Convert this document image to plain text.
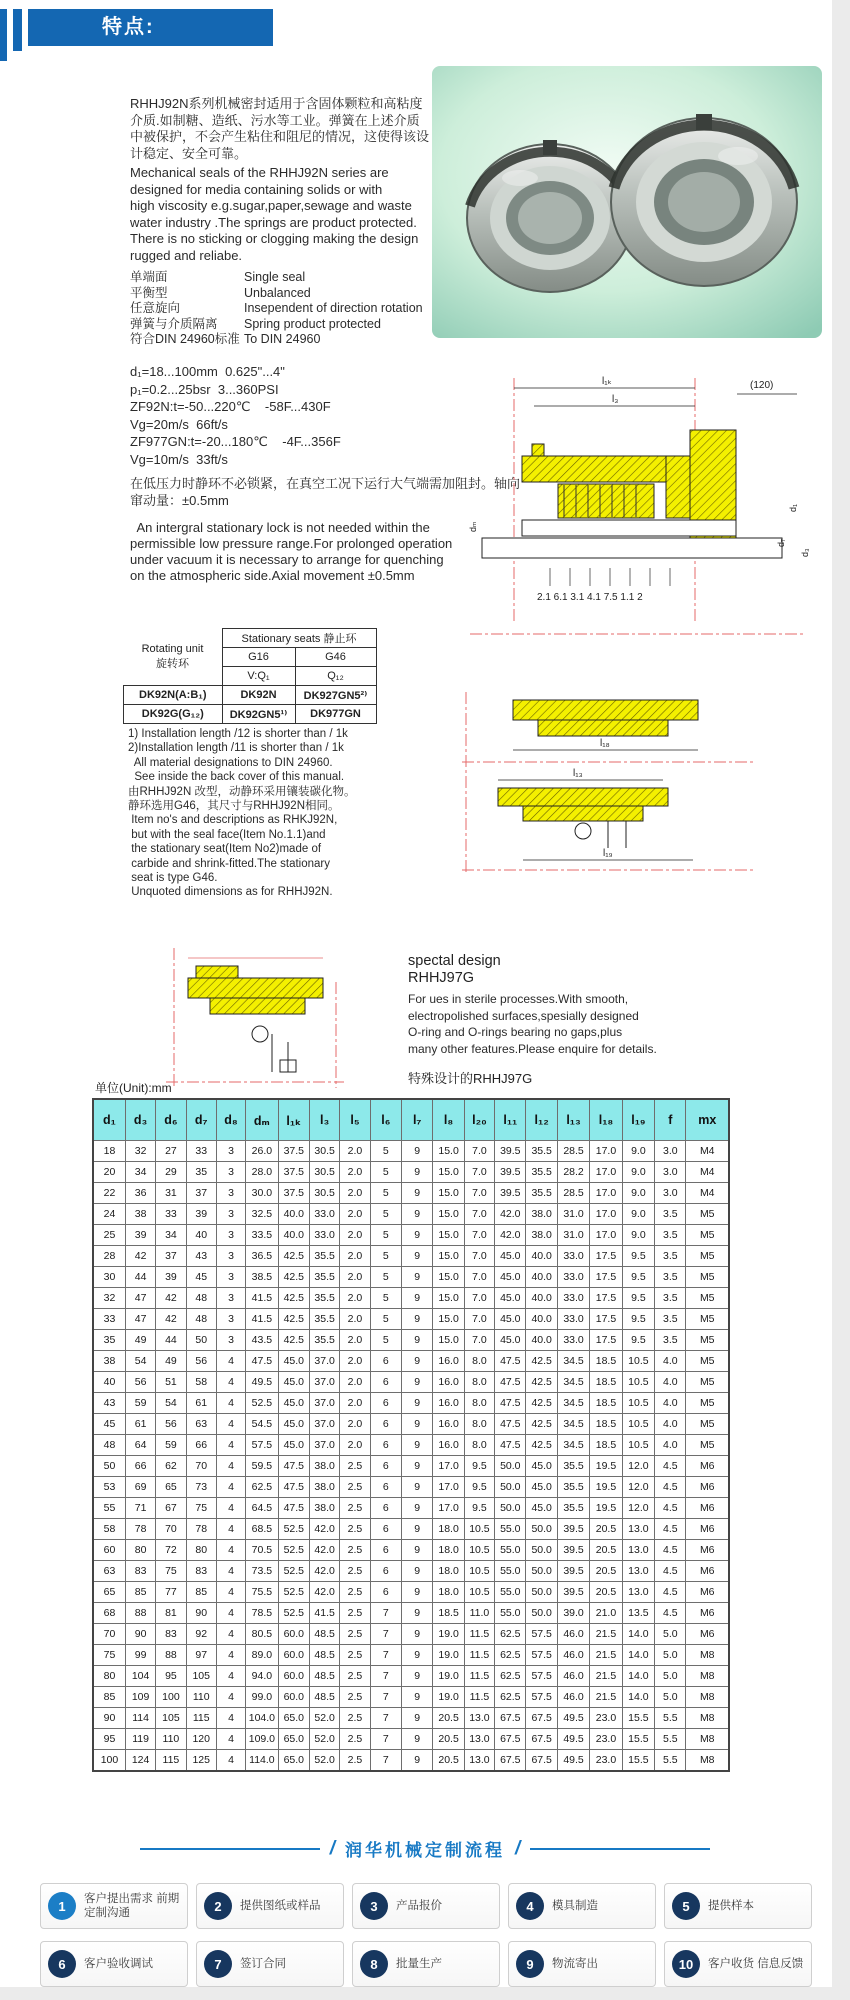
特点:
RHHJ92N系列机械密封适用于含固体颗粒和高粘度
介质.如制糖、造纸、污水等工业。弹簧在上述介质
中被保护，不会产生粘住和阻尼的情况，这使得该设
计稳定、安全可靠。
Mechanical seals of the RHHJ92N series are
designed for media containing solids or with
high viscosity e.g.sugar,paper,sewage and waste
water industry .The springs are product protected.
There is no sticking or clogging making the design
rugged and reliabe.
单端面	Single seal
平衡型	Unbalanced
任意旋向	Insependent of direction rotation
弹簧与介质隔离 Spring product protected
符合DIN 24960标准 To DIN 24960
d₁=18...100mm  0.625"...4"
p₁=0.2...25bsr  3...360PSI
ZF92N:t=-50...220℃    -58F...430F
Vg=20m/s  66ft/s
ZF977GN:t=-20...180℃    -4F...356F
Vg=10m/s  33ft/s
在低压力时静环不必锁紧，在真空工况下运行大气端需加阻封。轴向
窜动量：±0.5mm
An intergral stationary lock is not needed within the
permissible low pressure range.For prolonged operation
under vacuum it is necessary to arrange for quenching
on the atmospheric side.Axial movement ±0.5mm
l₁ₖ
l₃
(120)
2.1 6.1 3.1 4.1 7.5 1.1 2
d₇
d₁
d₃
dₘ
Rotating unit
旋转环	Stationary seats 静止环	
	G16	G46
	V:Q₁	Q₁₂
DK92N(A:B₁)	DK92N	DK927GN5²⁾
DK92G(G₁₂)	DK92GN5¹⁾	DK977GN
1) Installation length /12 is shorter than / 1k
2)Installation length /11 is shorter than / 1k
All material designations to DIN 24960.
See inside the back cover of this manual.
由RHHJ92N 改型，动静环采用镶装碳化物。
静环选用G46，其尺寸与RHHJ92N相同。
Item no's and descriptions as RHKJ92N,
but with the seal face(Item No.1.1)and
the stationary seat(Item No2)made of
carbide and shrink-fitted.The stationary
seat is type G46.
Unquoted dimensions as for RHHJ92N.
l₁₈
l₁₃
l₁₉
spectal design
RHHJ97G
For ues in sterile processes.With smooth,
electropolished surfaces,spesially designed
O-ring and O-rings bearing no gaps,plus
many other features.Please enquire for details.
特殊设计的RHHJ97G
单位(Unit):mm
d₁	d₃	d₆	d₇	d₈	dₘ	l₁ₖ	l₃	l₅	l₆	l₇	l₈	l₂₀	l₁₁	l₁₂	l₁₃	l₁₈	l₁₉	f	mx
18	32	27	33	3	26.0	37.5	30.5	2.0	5	9	15.0	7.0	39.5	35.5	28.5	17.0	9.0	3.0	M4
20	34	29	35	3	28.0	37.5	30.5	2.0	5	9	15.0	7.0	39.5	35.5	28.2	17.0	9.0	3.0	M4
22	36	31	37	3	30.0	37.5	30.5	2.0	5	9	15.0	7.0	39.5	35.5	28.5	17.0	9.0	3.0	M4
24	38	33	39	3	32.5	40.0	33.0	2.0	5	9	15.0	7.0	42.0	38.0	31.0	17.0	9.0	3.5	M5
25	39	34	40	3	33.5	40.0	33.0	2.0	5	9	15.0	7.0	42.0	38.0	31.0	17.0	9.0	3.5	M5
28	42	37	43	3	36.5	42.5	35.5	2.0	5	9	15.0	7.0	45.0	40.0	33.0	17.5	9.5	3.5	M5
30	44	39	45	3	38.5	42.5	35.5	2.0	5	9	15.0	7.0	45.0	40.0	33.0	17.5	9.5	3.5	M5
32	47	42	48	3	41.5	42.5	35.5	2.0	5	9	15.0	7.0	45.0	40.0	33.0	17.5	9.5	3.5	M5
33	47	42	48	3	41.5	42.5	35.5	2.0	5	9	15.0	7.0	45.0	40.0	33.0	17.5	9.5	3.5	M5
35	49	44	50	3	43.5	42.5	35.5	2.0	5	9	15.0	7.0	45.0	40.0	33.0	17.5	9.5	3.5	M5
38	54	49	56	4	47.5	45.0	37.0	2.0	6	9	16.0	8.0	47.5	42.5	34.5	18.5	10.5	4.0	M5
40	56	51	58	4	49.5	45.0	37.0	2.0	6	9	16.0	8.0	47.5	42.5	34.5	18.5	10.5	4.0	M5
43	59	54	61	4	52.5	45.0	37.0	2.0	6	9	16.0	8.0	47.5	42.5	34.5	18.5	10.5	4.0	M5
45	61	56	63	4	54.5	45.0	37.0	2.0	6	9	16.0	8.0	47.5	42.5	34.5	18.5	10.5	4.0	M5
48	64	59	66	4	57.5	45.0	37.0	2.0	6	9	16.0	8.0	47.5	42.5	34.5	18.5	10.5	4.0	M5
50	66	62	70	4	59.5	47.5	38.0	2.5	6	9	17.0	9.5	50.0	45.0	35.5	19.5	12.0	4.5	M6
53	69	65	73	4	62.5	47.5	38.0	2.5	6	9	17.0	9.5	50.0	45.0	35.5	19.5	12.0	4.5	M6
55	71	67	75	4	64.5	47.5	38.0	2.5	6	9	17.0	9.5	50.0	45.0	35.5	19.5	12.0	4.5	M6
58	78	70	78	4	68.5	52.5	42.0	2.5	6	9	18.0	10.5	55.0	50.0	39.5	20.5	13.0	4.5	M6
60	80	72	80	4	70.5	52.5	42.0	2.5	6	9	18.0	10.5	55.0	50.0	39.5	20.5	13.0	4.5	M6
63	83	75	83	4	73.5	52.5	42.0	2.5	6	9	18.0	10.5	55.0	50.0	39.5	20.5	13.0	4.5	M6
65	85	77	85	4	75.5	52.5	42.0	2.5	6	9	18.0	10.5	55.0	50.0	39.5	20.5	13.0	4.5	M6
68	88	81	90	4	78.5	52.5	41.5	2.5	7	9	18.5	11.0	55.0	50.0	39.0	21.0	13.5	4.5	M6
70	90	83	92	4	80.5	60.0	48.5	2.5	7	9	19.0	11.5	62.5	57.5	46.0	21.5	14.0	5.0	M6
75	99	88	97	4	89.0	60.0	48.5	2.5	7	9	19.0	11.5	62.5	57.5	46.0	21.5	14.0	5.0	M8
80	104	95	105	4	94.0	60.0	48.5	2.5	7	9	19.0	11.5	62.5	57.5	46.0	21.5	14.0	5.0	M8
85	109	100	110	4	99.0	60.0	48.5	2.5	7	9	19.0	11.5	62.5	57.5	46.0	21.5	14.0	5.0	M8
90	114	105	115	4	104.0	65.0	52.0	2.5	7	9	20.5	13.0	67.5	67.5	49.5	23.0	15.5	5.5	M8
95	119	110	120	4	109.0	65.0	52.0	2.5	7	9	20.5	13.0	67.5	67.5	49.5	23.0	15.5	5.5	M8
100	124	115	125	4	114.0	65.0	52.0	2.5	7	9	20.5	13.0	67.5	67.5	49.5	23.0	15.5	5.5	M8
/ 润华机械定制流程 /
1	客户提出需求 前期定制沟通	2	提供图纸或样品	3	产品报价	4	模具制造	5	提供样本
6	客户验收调试	7	签订合同	8	批量生产	9	物流寄出	10	客户收货 信息反馈
